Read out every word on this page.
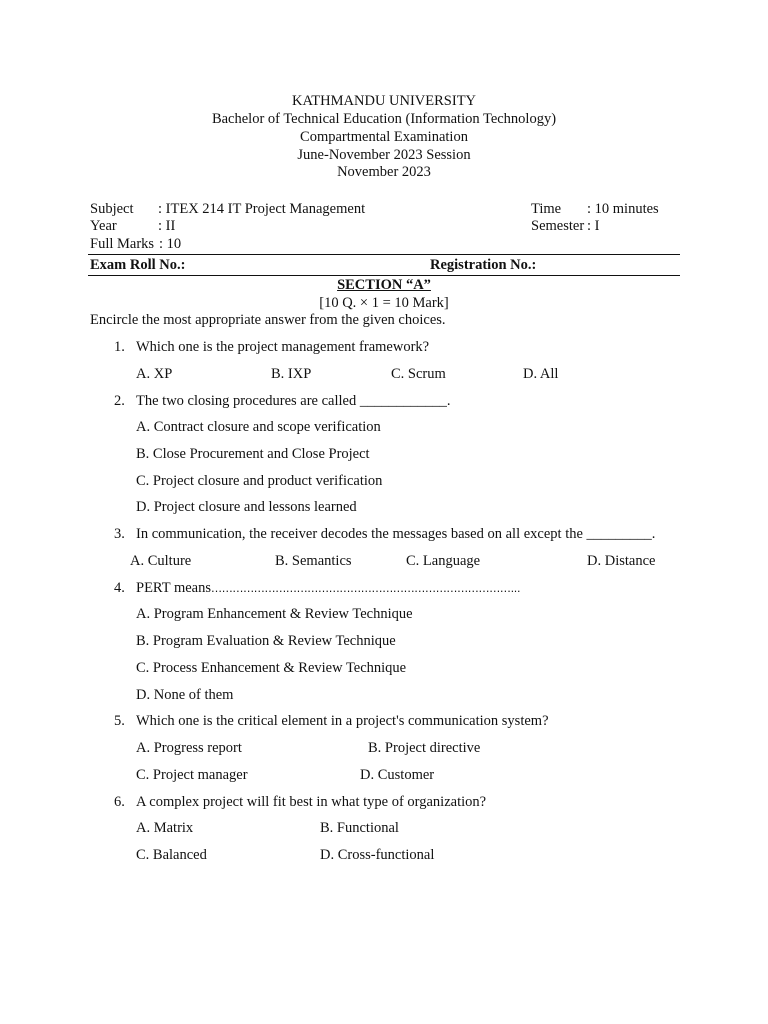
KATHMANDU UNIVERSITY
Bachelor of Technical Education (Information Technology)
Compartmental Examination
June-November 2023 Session
November 2023
Subject : ITEX 214 IT Project Management	Time : 10 minutes
Year	: II	Semester : I
Full Marks : 10
Exam Roll No.:	Registration No.:
SECTION “A”
[10 Q. × 1 = 10 Mark]
Encircle the most appropriate answer from the given choices.
1. Which one is the project management framework?
A. XP	B. IXP	C. Scrum	D. All
2. The two closing procedures are called ____________.
A. Contract closure and scope verification
B. Close Procurement and Close Project
C. Project closure and product verification
D. Project closure and lessons learned
3. In communication, the receiver decodes the messages based on all except the _________.
A. Culture	B. Semantics	C. Language	D. Distance
4. PERT means…………………………………………………………………………...
A. Program Enhancement & Review Technique
B. Program Evaluation & Review Technique
C. Process Enhancement & Review Technique
D. None of them
5. Which one is the critical element in a project's communication system?
A. Progress report	B. Project directive
C. Project manager	D. Customer
6. A complex project will fit best in what type of organization?
A. Matrix	B. Functional
C. Balanced	D. Cross-functional
